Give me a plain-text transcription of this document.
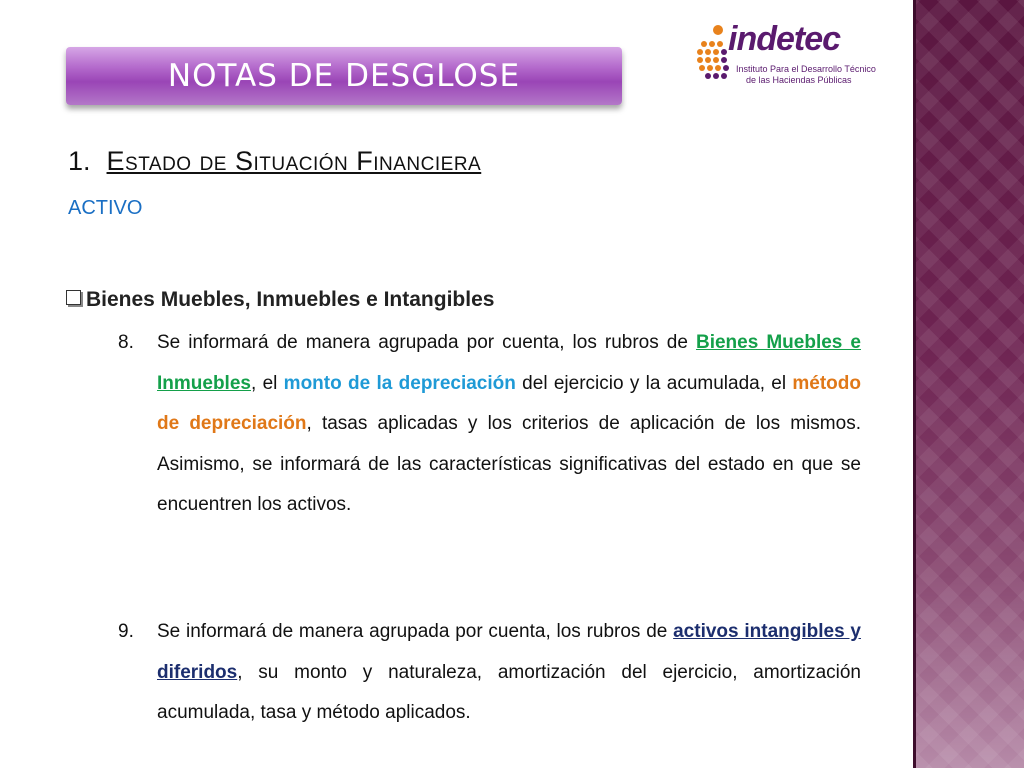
NOTAS DE DESGLOSE
indetec
Instituto Para el Desarrollo Técnico
de las Haciendas Públicas
1. Estado de Situación Financiera
ACTIVO
Bienes Muebles, Inmuebles e Intangibles
8. Se informará de manera agrupada por cuenta, los rubros de Bienes Muebles e Inmuebles, el monto de la depreciación del ejercicio y la acumulada, el método de depreciación, tasas aplicadas y los criterios de aplicación de los mismos. Asimismo, se informará de las características significativas del estado en que se encuentren los activos.
9. Se informará de manera agrupada por cuenta, los rubros de activos intangibles y diferidos, su monto y naturaleza, amortización del ejercicio, amortización acumulada, tasa y método aplicados.
